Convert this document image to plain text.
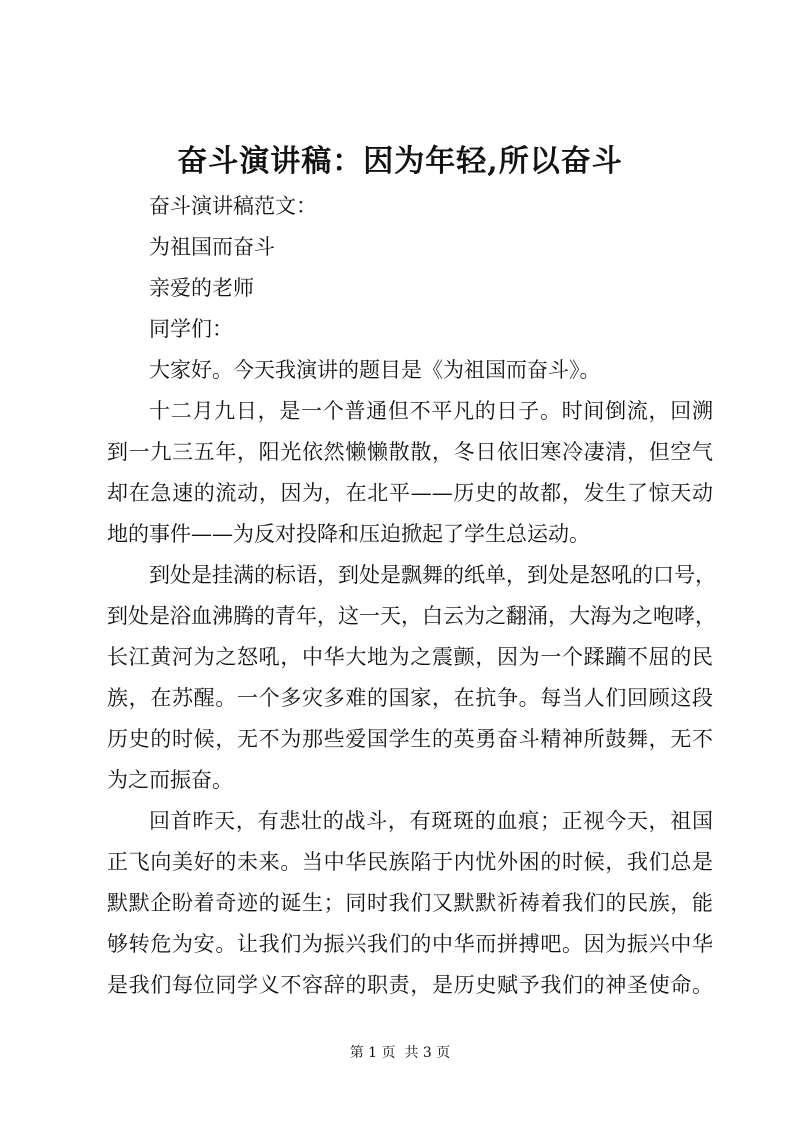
奋斗演讲稿：因为年轻,所以奋斗
奋斗演讲稿范文：
为祖国而奋斗
亲爱的老师
同学们：
大家好。今天我演讲的题目是《为祖国而奋斗》。
十二月九日，是一个普通但不平凡的日子。时间倒流，回溯
到一九三五年，阳光依然懒懒散散，冬日依旧寒冷凄清，但空气
却在急速的流动，因为，在北平——历史的故都，发生了惊天动
地的事件——为反对投降和压迫掀起了学生总运动。
到处是挂满的标语，到处是飘舞的纸单，到处是怒吼的口号，
到处是浴血沸腾的青年，这一天，白云为之翻涌，大海为之咆哮，
长江黄河为之怒吼，中华大地为之震颤，因为一个蹂躏不屈的民
族，在苏醒。一个多灾多难的国家，在抗争。每当人们回顾这段
历史的时候，无不为那些爱国学生的英勇奋斗精神所鼓舞，无不
为之而振奋。
回首昨天，有悲壮的战斗，有斑斑的血痕；正视今天，祖国
正飞向美好的未来。当中华民族陷于内忧外困的时候，我们总是
默默企盼着奇迹的诞生；同时我们又默默祈祷着我们的民族，能
够转危为安。让我们为振兴我们的中华而拼搏吧。因为振兴中华
是我们每位同学义不容辞的职责，是历史赋予我们的神圣使命。
第 1 页  共 3 页
